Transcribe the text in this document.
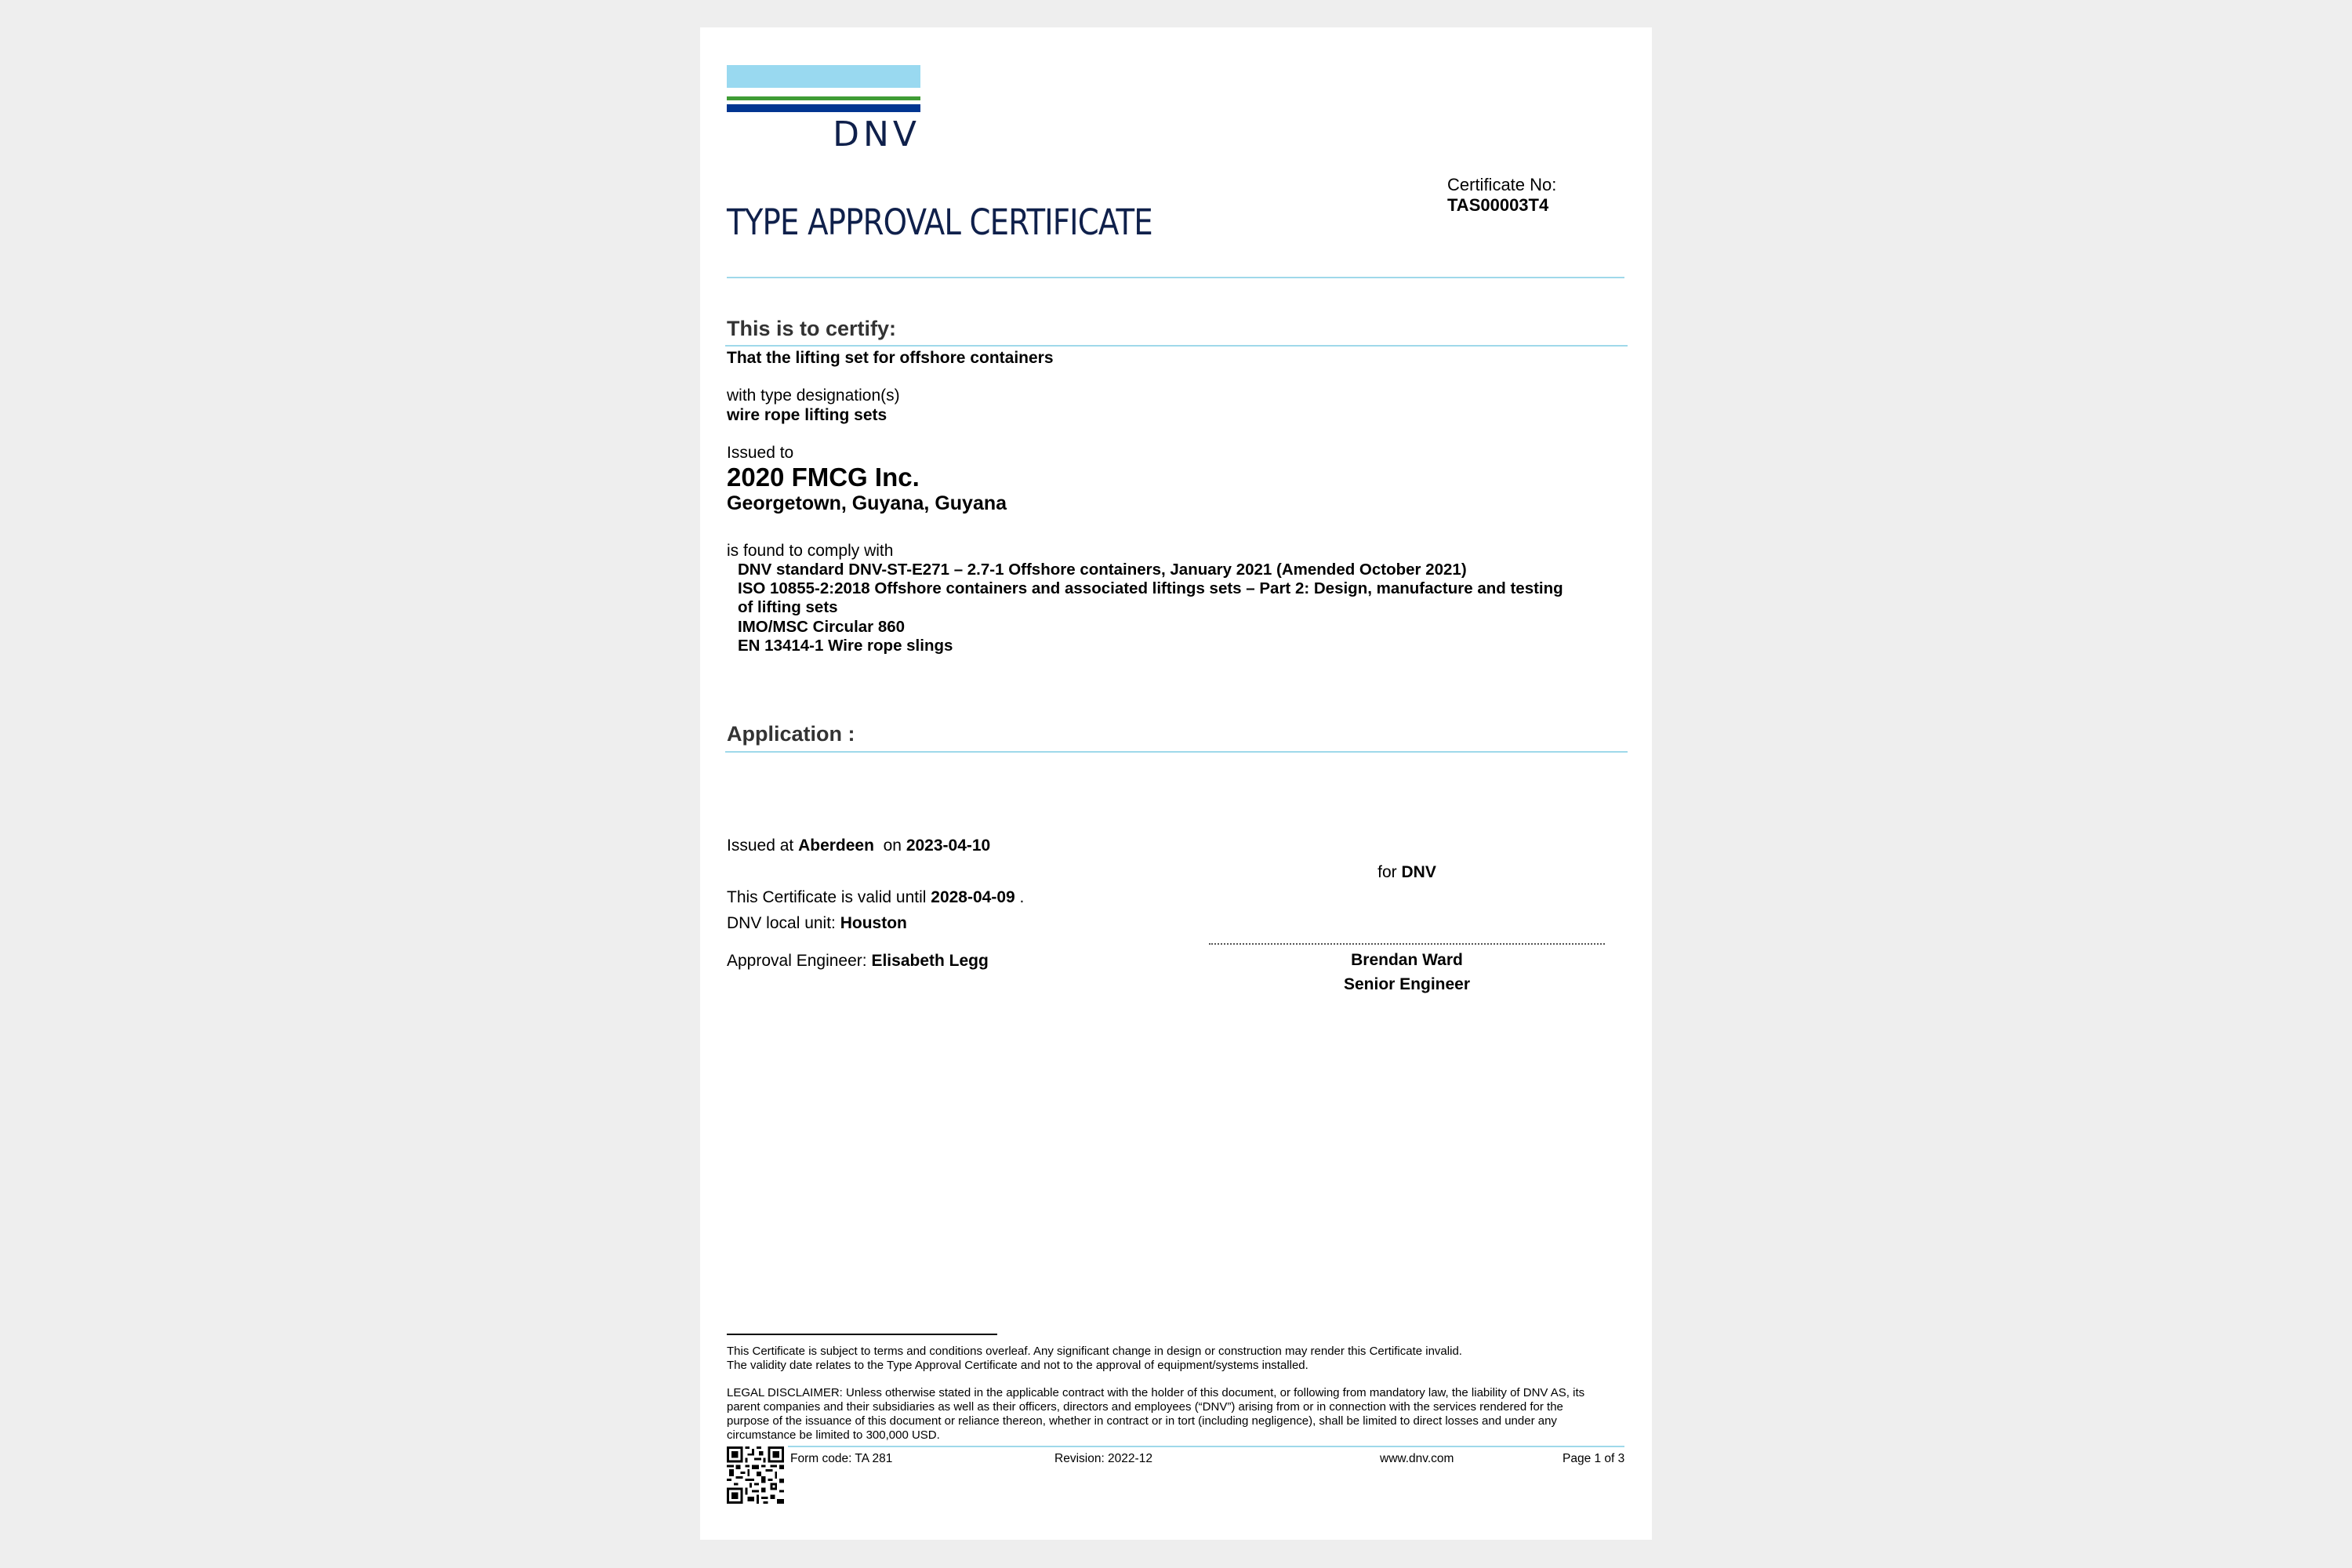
DNV
TYPE APPROVAL CERTIFICATE
Certificate No:
TAS00003T4
This is to certify:
That the lifting set for offshore containers
with type designation(s)
wire rope lifting sets
Issued to
2020 FMCG Inc.
Georgetown, Guyana, Guyana
is found to comply with
DNV standard DNV-ST-E271 – 2.7-1 Offshore containers, January 2021 (Amended October 2021)
ISO 10855-2:2018 Offshore containers and associated liftings sets – Part 2: Design, manufacture and testing
of lifting sets
IMO/MSC Circular 860
EN 13414-1 Wire rope slings
Application :
Issued at Aberdeen on 2023-04-10
This Certificate is valid until 2028-04-09 .
DNV local unit: Houston
Approval Engineer: Elisabeth Legg
for DNV
Brendan Ward
Senior Engineer
This Certificate is subject to terms and conditions overleaf. Any significant change in design or construction may render this Certificate invalid.
The validity date relates to the Type Approval Certificate and not to the approval of equipment/systems installed.
LEGAL DISCLAIMER: Unless otherwise stated in the applicable contract with the holder of this document, or following from mandatory law, the liability of DNV AS, its
parent companies and their subsidiaries as well as their officers, directors and employees (“DNV”) arising from or in connection with the services rendered for the
purpose of the issuance of this document or reliance thereon, whether in contract or in tort (including negligence), shall be limited to direct losses and under any
circumstance be limited to 300,000 USD.
Form code: TA 281	Revision: 2022-12	www.dnv.com	Page 1 of 3
